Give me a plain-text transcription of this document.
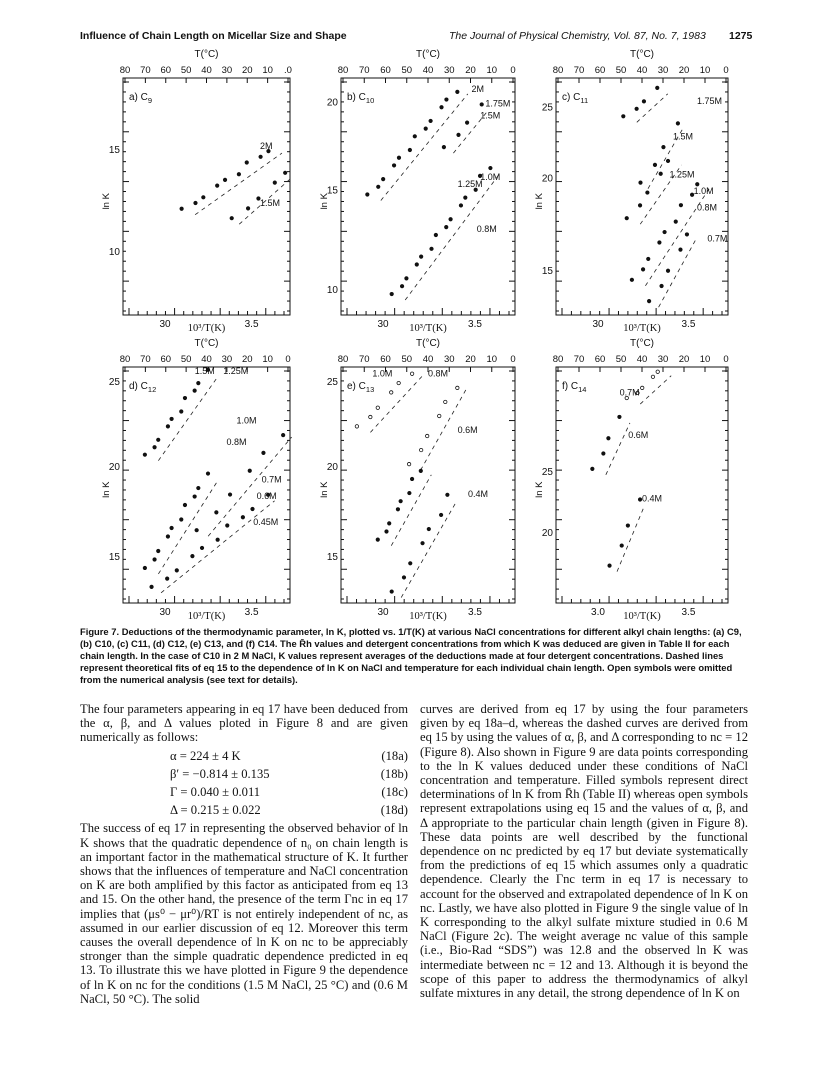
Influence of Chain Length on Micellar Size and Shape	The Journal of Physical Chemistry, Vol. 87, No. 7, 1983 1275
T(°C)
80 70 60 50 40 30 20 10 .0
30	3.5
10³/T(K)
15
10
ln K
a) $C_9$
T(°C)
80 70 60 50 40 30 20 10 0
30	3.5
10³/T(K)
20
15
10
ln K
b) $C_{10}$
T(°C)
80 70 60 50 40 30 20 10 0
30	3.5
10³/T(K)
25
20
15
ln K
c) $C_{11}$
T(°C)
80 70 60 50 40 30 20 10 0
30	3.5
10³/T(K)
25
20
15
ln K
d) $C_{12}$
T(°C)
80 70 60 50 40 30 20 10 0
30	3.5
10³/T(K)
25
20
15
ln K
e) $C_{13}$
T(°C)
80 70 60 50 40 30 20 10 0
3.0	3.5
10³/T(K)
25
20
ln K
f) $C_{14}$
2M
1.5M
2M
1.75M
1.5M
1.25M
1.0M
0.8M
1.75M
1.5M
1.25M
1.0M
0.8M
0.7M
1.5M 1.25M
1.0M
0.8M
0.7M
0.6M
0.45M
1.0M	0.8M
0.6M
0.4M
0.7M
0.6M
0.4M
Figure 7. Deductions of the thermodynamic parameter, ln K, plotted vs. 1/T(K) at various NaCl concentrations for different alkyl chain lengths: (a) C9, (b) C10, (c) C11, (d) C12, (e) C13, and (f) C14. The R̄h values and detergent concentrations from which K was deduced are given in Table II for each chain length. In the case of C10 in 2 M NaCl, K values represent averages of the deductions made at four detergent concentrations. Dashed lines represent theoretical fits of eq 15 to the dependence of ln K on NaCl and temperature for each individual chain length. Open symbols were omitted from the numerical analysis (see text for details).

The four parameters appearing in eq 17 have been deduced from the α, β, and Δ values ploted in Figure 8 and are given numerically as follows:

α = 224 ± 4 K	(18a)
β′ = −0.814 ± 0.135	(18b)
Γ = 0.040 ± 0.011	(18c)
Δ = 0.215 ± 0.022	(18d)

The success of eq 17 in representing the observed behavior of ln K shows that the quadratic dependence of n₀ on chain length is an important factor in the mathematical structure of K. It further shows that the influences of temperature and NaCl concentration on K are both amplified by this factor as anticipated from eq 13 and 15. On the other hand, the presence of the term Γnc in eq 17 implies that (μs⁰ − μr⁰)/RT is not entirely independent of nc, as assumed in our earlier discussion of eq 12. Moreover this term causes the overall dependence of ln K on nc to be appreciably stronger than the simple quadratic dependence predicted in eq 13. To illustrate this we have plotted in Figure 9 the dependence of ln K on nc for the conditions (1.5 M NaCl, 25 °C) and (0.6 M NaCl, 50 °C). The solid

curves are derived from eq 17 by using the four parameters given by eq 18a–d, whereas the dashed curves are derived from eq 15 by using the values of α, β, and Δ corresponding to nc = 12 (Figure 8). Also shown in Figure 9 are data points corresponding to the ln K values deduced under these conditions of NaCl concentration and temperature. Filled symbols represent direct determinations of ln K from R̄h (Table II) whereas open symbols represent extrapolations using eq 15 and the values of α, β, and Δ appropriate to the particular chain length (given in Figure 8). These data points are well described by the functional dependence on nc predicted by eq 17 but deviate systematically from the predictions of eq 15 which assumes only a quadratic dependence. Clearly the Γnc term in eq 17 is necessary to account for the observed and extrapolated dependence of ln K on nc. Lastly, we have also plotted in Figure 9 the single value of ln K corresponding to the alkyl sulfate mixture studied in 0.6 M NaCl (Figure 2c). The weight average nc value of this sample (i.e., Bio-Rad “SDS”) was 12.8 and the observed ln K was intermediate between nc = 12 and 13. Although it is beyond the scope of this paper to address the thermodynamics of alkyl sulfate mixtures in any detail, the strong dependence of ln K on
